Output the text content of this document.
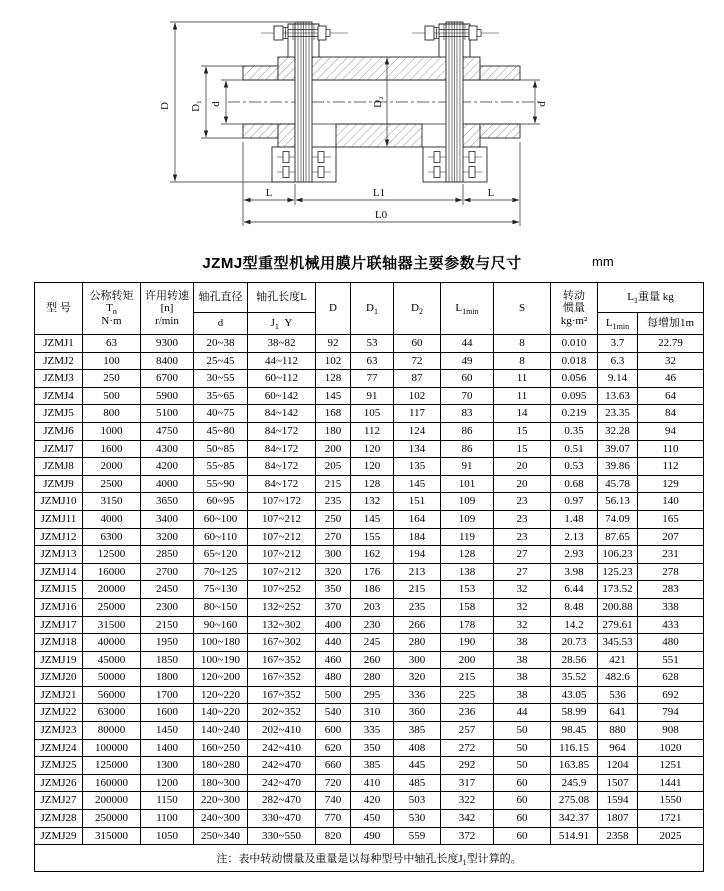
D D₁ d	D₂	d
L	L1	L
L0
JZMJ型重型机械用膜片联轴器主要参数与尺寸	mm
型 号	公称转矩
$T_n$
N·m	许用转速
[n]
r/min	轴孔直径	轴孔长度L	D	$D_1$	$D_2$	$L_{1min}$	S	转动
惯量
kg·m²	$L_1$重量 kg	
			d	$J_1$ Y							$L_{1min}$	每增加1m
JZMJ1	63	9300	20~38	38~82	92	53	60	44	8	0.010	3.7	22.79
JZMJ2	100	8400	25~45	44~112	102	63	72	49	8	0.018	6.3	32
JZMJ3	250	6700	30~55	60~112	128	77	87	60	11	0.056	9.14	46
JZMJ4	500	5900	35~65	60~142	145	91	102	70	11	0.095	13.63	64
JZMJ5	800	5100	40~75	84~142	168	105	117	83	14	0.219	23.35	84
JZMJ6	1000	4750	45~80	84~172	180	112	124	86	15	0.35	32.28	94
JZMJ7	1600	4300	50~85	84~172	200	120	134	86	15	0.51	39.07	110
JZMJ8	2000	4200	55~85	84~172	205	120	135	91	20	0.53	39.86	112
JZMJ9	2500	4000	55~90	84~172	215	128	145	101	20	0.68	45.78	129
JZMJ10	3150	3650	60~95	107~172	235	132	151	109	23	0.97	56.13	140
JZMJ11	4000	3400	60~100	107~212	250	145	164	109	23	1.48	74.09	165
JZMJ12	6300	3200	60~110	107~212	270	155	184	119	23	2.13	87.65	207
JZMJ13	12500	2850	65~120	107~212	300	162	194	128	27	2.93	106.23	231
JZMJ14	16000	2700	70~125	107~212	320	176	213	138	27	3.98	125.23	278
JZMJ15	20000	2450	75~130	107~252	350	186	215	153	32	6.44	173.52	283
JZMJ16	25000	2300	80~150	132~252	370	203	235	158	32	8.48	200.88	338
JZMJ17	31500	2150	90~160	132~302	400	230	266	178	32	14.2	279.61	433
JZMJ18	40000	1950	100~180	167~302	440	245	280	190	38	20.73	345.53	480
JZMJ19	45000	1850	100~190	167~352	460	260	300	200	38	28.56	421	551
JZMJ20	50000	1800	120~200	167~352	480	280	320	215	38	35.52	482.6	628
JZMJ21	56000	1700	120~220	167~352	500	295	336	225	38	43.05	536	692
JZMJ22	63000	1600	140~220	202~352	540	310	360	236	44	58.99	641	794
JZMJ23	80000	1450	140~240	202~410	600	335	385	257	50	98.45	880	908
JZMJ24	100000	1400	160~250	242~410	620	350	408	272	50	116.15	964	1020
JZMJ25	125000	1300	180~280	242~470	660	385	445	292	50	163.85	1204	1251
JZMJ26	160000	1200	180~300	242~470	720	410	485	317	60	245.9	1507	1441
JZMJ27	200000	1150	220~300	282~470	740	420	503	322	60	275.08	1594	1550
JZMJ28	250000	1100	240~300	330~470	770	450	530	342	60	342.37	1807	1721
JZMJ29	315000	1050	250~340	330~550	820	490	559	372	60	514.91	2358	2025
注：表中转动惯量及重量是以每种型号中轴孔长度$J_1$型计算的。												
